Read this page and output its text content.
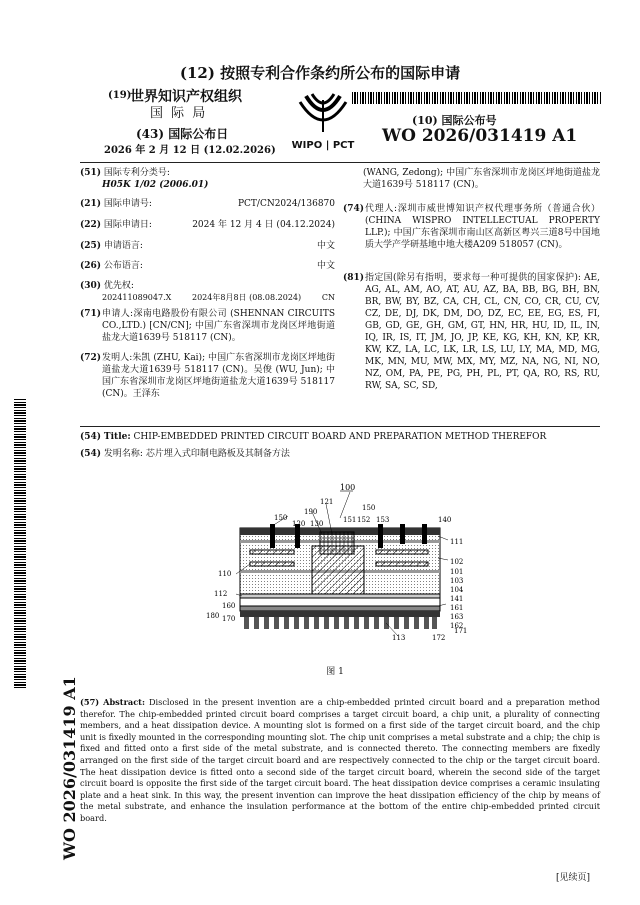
(12) 按照专利合作条约所公布的国际申请
(19)
世界知识产权组织
国 际 局
(43) 国际公布日
2026 年 2 月 12 日 (12.02.2026)	WIPO | PCT
(10) 国际公布号
WO 2026/031419 A1
(51) 国际专利分类号:
H05K 1/02 (2006.01)
(21) 国际申请号:	PCT/CN2024/136870
(22) 国际申请日:	2024 年 12 月 4 日 (04.12.2024)
(25) 申请语言:	中文
(26) 公布语言:	中文
(30) 优先权:

202411089047.X	2024年8月8日 (08.08.2024)	CN
(71) 申请人:深南电路股份有限公司 (SHENNAN CIRCUITS CO.,LTD.) [CN/CN]; 中国广东省深圳市龙岗区坪地街道盐龙大道1639号 518117 (CN)。
(72) 发明人:朱凯 (ZHU, Kai); 中国广东省深圳市龙岗区坪地街道盐龙大道1639号 518117 (CN)。吴俊 (WU, Jun); 中国广东省深圳市龙岗区坪地街道盐龙大道1639号 518117 (CN)。王泽东
(WANG, Zedong); 中国广东省深圳市龙岗区坪地街道盐龙大道1639号 518117 (CN)。
(74) 代理人:深圳市威世博知识产权代理事务所（普通合伙）(CHINA WISPRO INTELLECTUAL PROPERTY LLP.); 中国广东省深圳市南山区高新区粤兴三道8号中国地质大学产学研基地中地大楼A209 518057 (CN)。
(81) 指定国(除另有指明，要求每一种可提供的国家保护): AE, AG, AL, AM, AO, AT, AU, AZ, BA, BB, BG, BH, BN, BR, BW, BY, BZ, CA, CH, CL, CN, CO, CR, CU, CV, CZ, DE, DJ, DK, DM, DO, DZ, EC, EE, EG, ES, FI, GB, GD, GE, GH, GM, GT, HN, HR, HU, ID, IL, IN, IQ, IR, IS, IT, JM, JO, JP, KE, KG, KH, KN, KP, KR, KW, KZ, LA, LC, LK, LR, LS, LU, LY, MA, MD, MG, MK, MN, MU, MW, MX, MY, MZ, NA, NG, NI, NO, NZ, OM, PA, PE, PG, PH, PL, PT, QA, RO, RS, RU, RW, SA, SC, SD,
(54) Title: CHIP-EMBEDDED PRINTED CIRCUIT BOARD AND PREPARATION METHOD THEREFOR
(54) 发明名称: 芯片埋入式印制电路板及其制备方法
100
121
150
190
120 130
150
151 152 153	140
111
102
101
103
110
104
112
141
160	161
163
180
162
170
171
113	172
图 1
(57) Abstract: Disclosed in the present invention are a chip-embedded printed circuit board and a preparation method therefor. The chip-embedded printed circuit board comprises a target circuit board, a chip unit, a plurality of connecting members, and a heat dissipation device. A mounting slot is formed on a first side of the target circuit board, and the chip unit is fixedly mounted in the corresponding mounting slot. The chip unit comprises a metal substrate and a chip; the chip is fixed and fitted onto a first side of the metal substrate, and is connected thereto. The connecting members are fixedly arranged on the first side of the target circuit board and are respectively connected to the chip or the target circuit board. The heat dissipation device is fitted onto a second side of the target circuit board, wherein the second side of the target circuit board is opposite the first side of the target circuit board. The heat dissipation device comprises a ceramic insulating plate and a heat sink. In this way, the present invention can improve the heat dissipation efficiency of the chip by means of the metal substrate, and enhance the insulation performance at the bottom of the entire chip-embedded printed circuit board.
[见续页]
WO 2026/031419 A1
